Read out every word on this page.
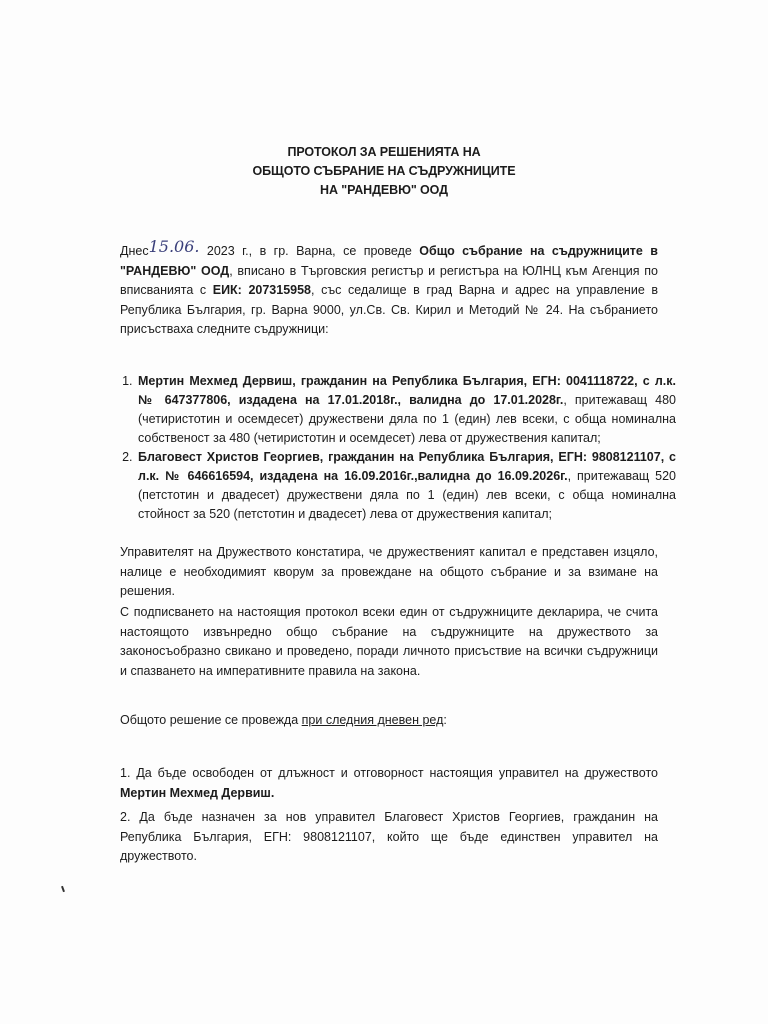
ПРОТОКОЛ ЗА РЕШЕНИЯТА НА
ОБЩОТО СЪБРАНИЕ НА СЪДРУЖНИЦИТЕ
НА "РАНДЕВЮ" ООД
Днес15.06. 2023 г., в гр. Варна, се проведе Общо събрание на съдружниците в "РАНДЕВЮ" ООД, вписано в Търговския регистър и регистъра на ЮЛНЦ към Агенция по вписванията с ЕИК: 207315958, със седалище в град Варна и адрес на управление в Република България, гр. Варна 9000, ул.Св. Св. Кирил и Методий № 24. На събранието присъстваха следните съдружници:
1. Мертин Мехмед Дервиш, гражданин на Република България, ЕГН: 0041118722, с л.к. № 647377806, издадена на 17.01.2018г., валидна до 17.01.2028г., притежаващ 480 (четиристотин и осемдесет) дружествени дяла по 1 (един) лев всеки, с обща номинална собственост за 480 (четиристотин и осемдесет) лева от дружествения капитал;
2. Благовест Христов Георгиев, гражданин на Република България, ЕГН: 9808121107, с л.к. № 646616594, издадена на 16.09.2016г.,валидна до 16.09.2026г., притежаващ 520 (петстотин и двадесет) дружествени дяла по 1 (един) лев всеки, с обща номинална стойност за 520 (петстотин и двадесет) лева от дружествения капитал;
Управителят на Дружеството констатира, че дружественият капитал е представен изцяло, налице е необходимият кворум за провеждане на общото събрание и за взимане на решения.
С подписването на настоящия протокол всеки един от съдружниците декларира, че счита настоящото извънредно общо събрание на съдружниците на дружеството за законосъобразно свикано и проведено, поради личното присъствие на всички съдружници и спазването на императивните правила на закона.
Общото решение се провежда при следния дневен ред:
1. Да бъде освободен от длъжност и отговорност настоящия управител на дружеството Мертин Мехмед Дервиш.
2. Да бъде назначен за нов управител Благовест Христов Георгиев, гражданин на Република България, ЕГН: 9808121107, който ще бъде единствен управител на дружеството.
